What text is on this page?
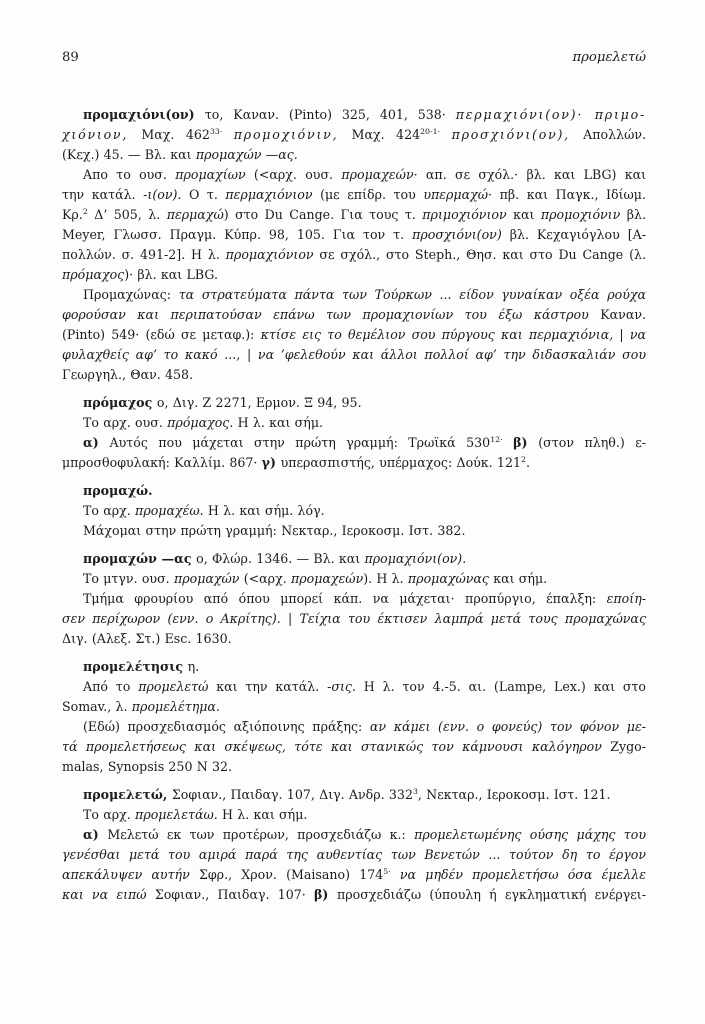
89	προμελετώ
προμαχιόνι(ον) το, Καναν. (Pinto) 325, 401, 538· περμαχιόνι(ον)· πριμο-
χιόνιον, Μαχ. $462^{33\cdot}$ προμοχιόνιν, Μαχ. $424^{20-1\cdot}$ προσχιόνι(ον), Απολλών.
(Κεχ.) 45. — Βλ. και προμαχών —ας.
Απο το ουσ. προμαχίων (<αρχ. ουσ. προμαχεών· απ. σε σχόλ.· βλ. και LBG) και
την κατάλ. -ι(ον). Ο τ. περμαχιόνιον (με επίδρ. του υπερμαχώ· πβ. και Παγκ., Ιδίωμ.
Κρ.$^2$ Δ’ 505, λ. περμαχώ) στο Du Cange. Για τους τ. πριμοχιόνιον και προμοχιόνιν βλ.
Meyer, Γλωσσ. Πραγμ. Κύπρ. 98, 105. Για τον τ. προσχιόνι(ον) βλ. Κεχαγιόγλου [Α-
πολλών. σ. 491-2]. Η λ. προμαχιόνιον σε σχόλ., στο Steph., Θησ. και στο Du Cange (λ.
πρόμαχος)· βλ. και LBG.
Προμαχώνας: τα στρατεύματα πάντα των Τούρκων ... είδον γυναίκαν οξέα ρούχα
φορούσαν και περιπατούσαν επάνω των προμαχιονίων του έξω κάστρου Καναν.
(Pinto) 549· (εδώ σε μεταφ.): κτίσε εις το θεμέλιον σου πύργους και περμαχιόνια, | να
φυλαχθείς αφ’ το κακό ..., | να ’φελεθούν και άλλοι πολλοί αφ’ την διδασκαλιάν σου
Γεωργηλ., Θαν. 458.
πρόμαχος ο, Διγ. Ζ 2271, Ερμον. Ξ 94, 95.
Το αρχ. ουσ. πρόμαχος. Η λ. και σήμ.
α) Αυτός που μάχεται στην πρώτη γραμμή: Τρωϊκά $530^{12\cdot}$ β) (στον πληθ.) ε-
μπροσθοφυλακή: Καλλίμ. 867· γ) υπερασπιστής, υπέρμαχος: Δούκ. $121^2$.
προμαχώ.
Το αρχ. προμαχέω. Η λ. και σήμ. λόγ.
Μάχομαι στην πρώτη γραμμή: Νεκταρ., Ιεροκοσμ. Ιστ. 382.
προμαχών —ας ο, Φλώρ. 1346. — Βλ. και προμαχιόνι(ον).
Το μτγν. ουσ. προμαχών (<αρχ. προμαχεών). Η λ. προμαχώνας και σήμ.
Τμήμα φρουρίου από όπου μπορεί κάπ. να μάχεται· προπύργιο, έπαλξη: εποίη-
σεν περίχωρον (ενν. ο Ακρίτης). | Τείχια του έκτισεν λαμπρά μετά τους προμαχώνας
Διγ. (Αλεξ. Στ.) Esc. 1630.
προμελέτησις η.
Από το προμελετώ και την κατάλ. -σις. Η λ. τον 4.-5. αι. (Lampe, Lex.) και στο
Somav., λ. προμελέτημα.
(Εδώ) προσχεδιασμός αξιόποινης πράξης: αν κάμει (ενν. ο φονεύς) τον φόνον με-
τά προμελετήσεως και σκέψεως, τότε και στανικώς τον κάμνουσι καλόγηρον Zygo-
malas, Synopsis 250 N 32.
προμελετώ, Σοφιαν., Παιδαγ. 107, Διγ. Ανδρ. $332^3$, Νεκταρ., Ιεροκοσμ. Ιστ. 121.
Το αρχ. προμελετάω. Η λ. και σήμ.
α) Μελετώ εκ των προτέρων, προσχεδιάζω κ.: προμελετωμένης ούσης μάχης του
γενέσθαι μετά του αμιρά παρά της αυθεντίας των Βενετών ... τούτον δη το έργον
απεκάλυψεν αυτήν Σφρ., Χρον. (Maisano) $174^{5\cdot}$ να μηδέν προμελετήσω όσα έμελλε
και να ειπώ Σοφιαν., Παιδαγ. 107· β) προσχεδιάζω (ύπουλη ή εγκληματική ενέργει-
